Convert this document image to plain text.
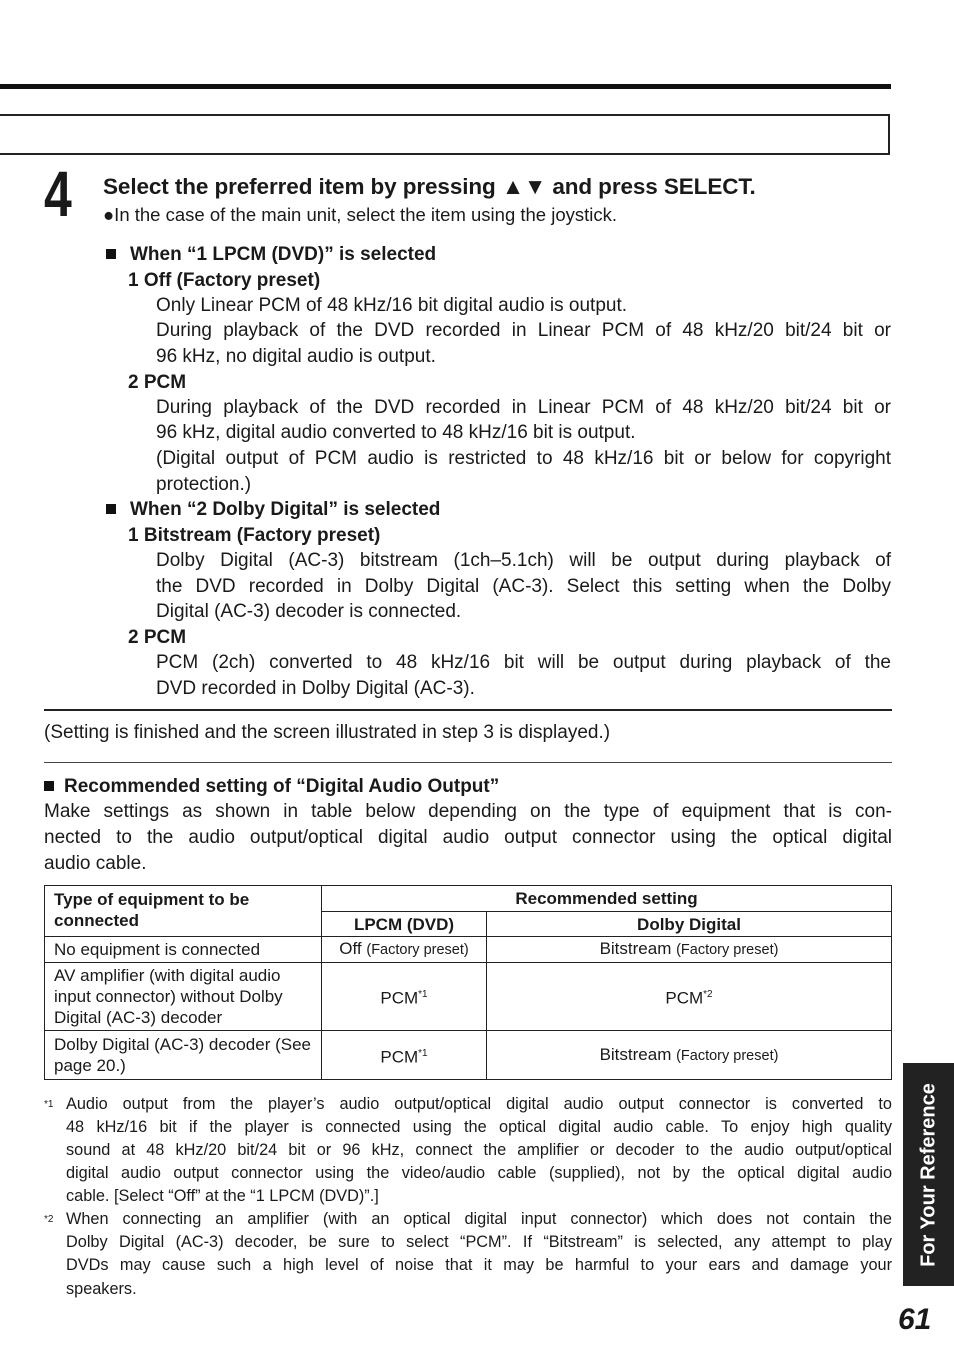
4 Select the preferred item by pressing ▲▼ and press SELECT.
●In the case of the main unit, select the item using the joystick.
When “1 LPCM (DVD)” is selected
1 Off (Factory preset)
Only Linear PCM of 48 kHz/16 bit digital audio is output.
During playback of the DVD recorded in Linear PCM of 48 kHz/20 bit/24 bit or
96 kHz, no digital audio is output.
2 PCM
During playback of the DVD recorded in Linear PCM of 48 kHz/20 bit/24 bit or
96 kHz, digital audio converted to 48 kHz/16 bit is output.
(Digital output of PCM audio is restricted to 48 kHz/16 bit or below for copyright
protection.)
When “2 Dolby Digital” is selected
1 Bitstream (Factory preset)
Dolby Digital (AC-3) bitstream (1ch–5.1ch) will be output during playback of
the DVD recorded in Dolby Digital (AC-3). Select this setting when the Dolby
Digital (AC-3) decoder is connected.
2 PCM
PCM (2ch) converted to 48 kHz/16 bit will be output during playback of the
DVD recorded in Dolby Digital (AC-3).
(Setting is finished and the screen illustrated in step 3 is displayed.)
Recommended setting of “Digital Audio Output”
Make settings as shown in table below depending on the type of equipment that is con-
nected to the audio output/optical digital audio output connector using the optical digital
audio cable.
Type of equipment to be connected	Recommended setting	
	LPCM (DVD)	Dolby Digital
No equipment is connected	Off (Factory preset)	Bitstream (Factory preset)
AV amplifier (with digital audio input connector) without Dolby Digital (AC-3) decoder	PCM$^{*1}$	PCM$^{*2}$
Dolby Digital (AC-3) decoder (See page 20.)	PCM$^{*1}$	Bitstream (Factory preset)
$^{*1}$ Audio output from the player’s audio output/optical digital audio output connector is converted to
48 kHz/16 bit if the player is connected using the optical digital audio cable. To enjoy high quality
sound at 48 kHz/20 bit/24 bit or 96 kHz, connect the amplifier or decoder to the audio output/optical
digital audio output connector using the video/audio cable (supplied), not by the optical digital audio
cable. [Select “Off” at the “1 LPCM (DVD)”.]
$^{*2}$ When connecting an amplifier (with an optical digital input connector) which does not contain the
Dolby Digital (AC-3) decoder, be sure to select “PCM”. If “Bitstream” is selected, any attempt to play
DVDs may cause such a high level of noise that it may be harmful to your ears and damage your
speakers.
For Your Reference
61
